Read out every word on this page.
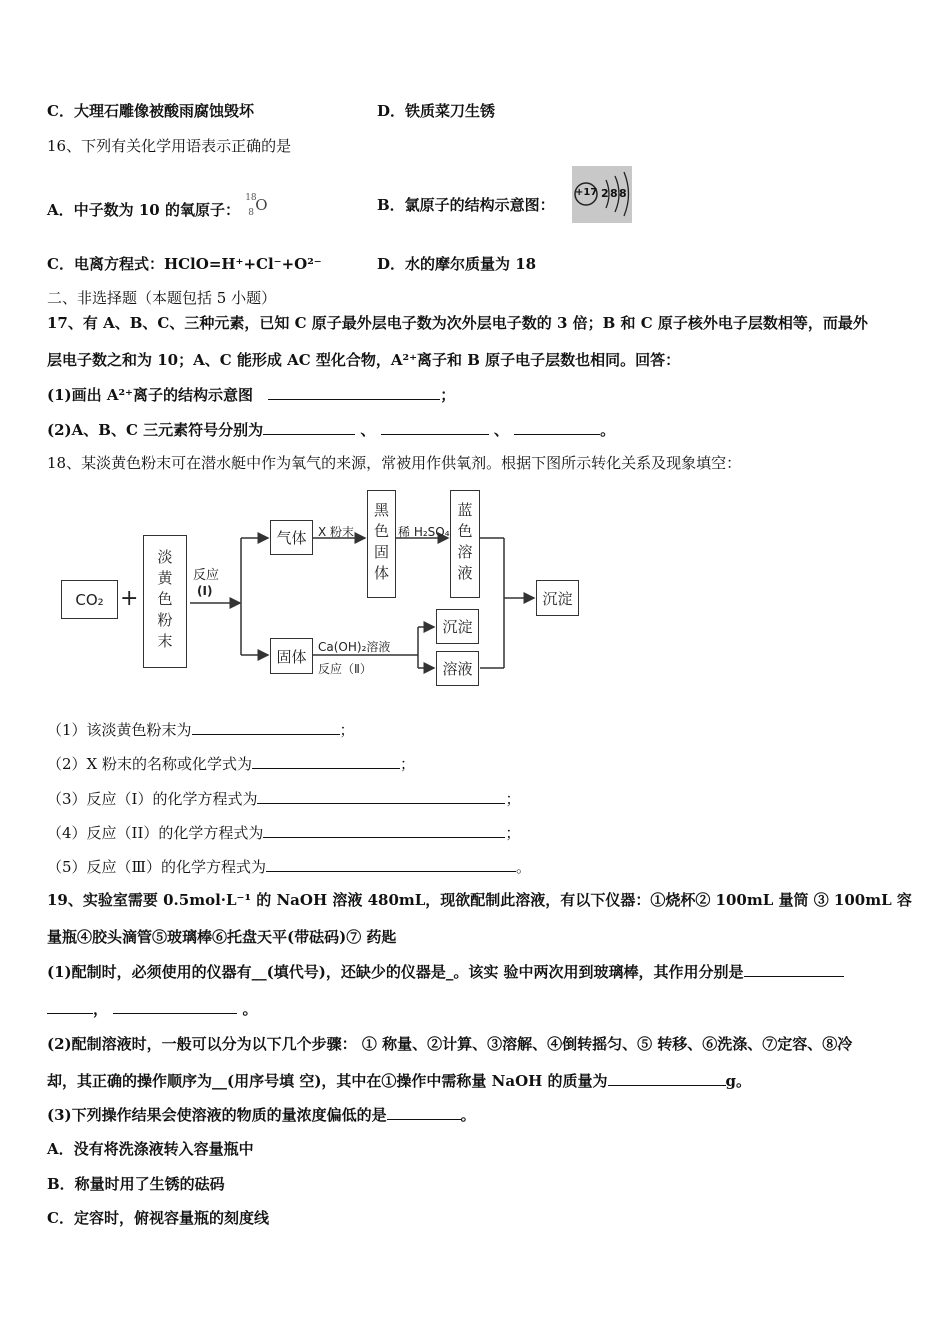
C．大理石雕像被酸雨腐蚀毁坏	D．铁质菜刀生锈
16、下列有关化学用语表示正确的是
A．中子数为 10 的氧原子：
18
8 O	B．氯原子的结构示意图：
+17 2 8 8
C．电离方程式：HClO=H⁺+Cl⁻+O²⁻	D．水的摩尔质量为 18
二、非选择题（本题包括 5 小题）
17、有 A、B、C、三种元素，已知 C 原子最外层电子数为次外层电子数的 3 倍；B 和 C 原子核外电子层数相等，而最外
层电子数之和为 10；A、C 能形成 AC 型化合物，A²⁺离子和 B 原子电子层数也相同。回答：
(1)画出 A²⁺离子的结构示意图	；
(2)A、B、C 三元素符号分别为	、	、	。
18、某淡黄色粉末可在潜水艇中作为氧气的来源，常被用作供氧剂。根据下图所示转化关系及现象填空：
CO₂ + 淡黄色粉末 反应
(Ⅰ)
气体 X 粉末 黑色固体 稀 H₂SO₄ 蓝色溶液
沉淀
固体
Ca(OH)₂溶液
反应（Ⅱ）
沉淀
溶液
（1）该淡黄色粉末为	；
（2）X 粉末的名称或化学式为	；
（3）反应（I）的化学方程式为	；
（4）反应（II）的化学方程式为	；
（5）反应（Ⅲ）的化学方程式为	。
19、实验室需要 0.5mol·L⁻¹ 的 NaOH 溶液 480mL，现欲配制此溶液，有以下仪器：①烧杯② 100mL 量筒 ③ 100mL 容
量瓶④胶头滴管⑤玻璃棒⑥托盘天平(带砝码)⑦ 药匙
(1)配制时，必须使用的仪器有__(填代号)，还缺少的仪器是_。该实 验中两次用到玻璃棒，其作用分别是
，	。
(2)配制溶液时，一般可以分为以下几个步骤： ① 称量、②计算、③溶解、④倒转摇匀、⑤ 转移、⑥洗涤、⑦定容、⑧冷
却，其正确的操作顺序为__(用序号填 空)，其中在①操作中需称量 NaOH 的质量为	g。
(3)下列操作结果会使溶液的物质的量浓度偏低的是	。
A．没有将洗涤液转入容量瓶中
B．称量时用了生锈的砝码
C．定容时，俯视容量瓶的刻度线
